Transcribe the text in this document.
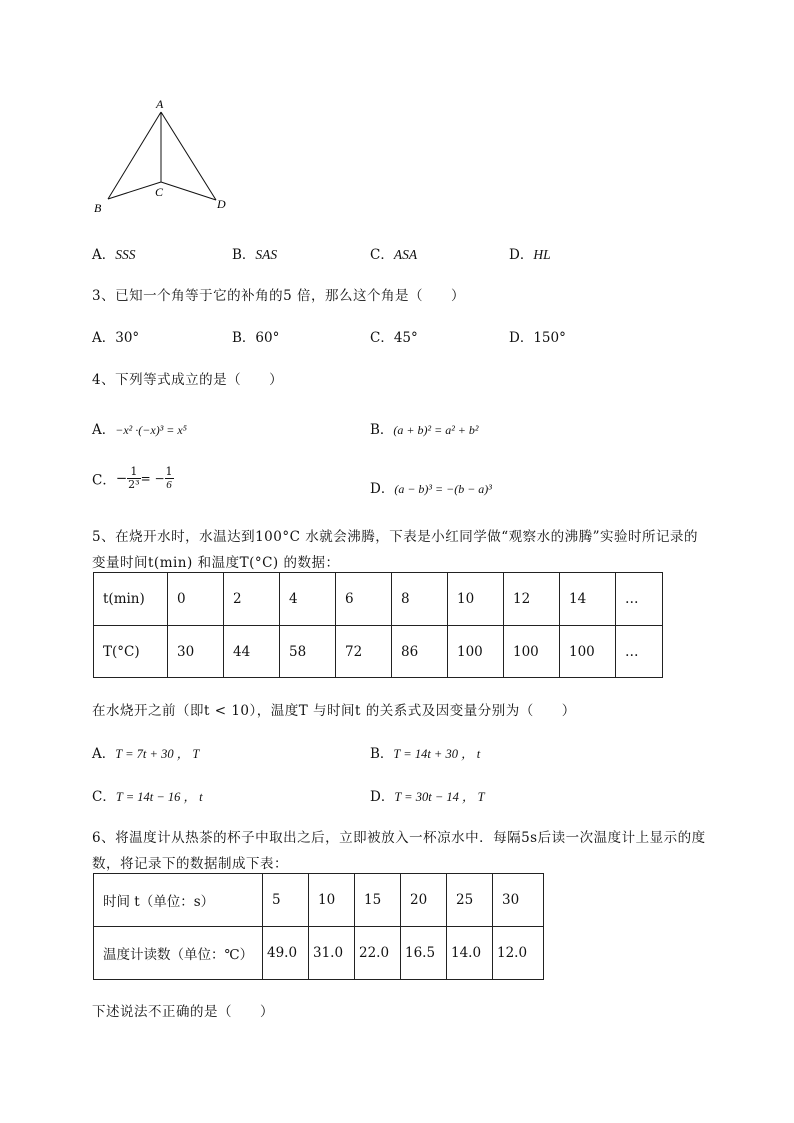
A
B
C
D
A．SSS	B．SAS	C．ASA	D．HL
3、已知一个角等于它的补角的5 倍，那么这个角是（　　）
A．30°	B．60°	C．45°	D．150°
4、下列等式成立的是（　　）
A．−x² ·(−x)³ = x⁵	B．(a + b)² = a² + b²
C．− $\frac{1}{\text{2³}}$ = − $\frac{1}{6}$	D．(a − b)³ = −(b − a)³
5、在烧开水时，水温达到100°C 水就会沸腾，下表是小红同学做“观察水的沸腾”实验时所记录的
变量时间t(min) 和温度T(°C) 的数据：
t(min)	0	2	4	6	8	10	12	14	…
T(°C)	30	44	58	72	86	100	100	100	…
在水烧开之前（即t < 10），温度T 与时间t 的关系式及因变量分别为（　　）
A．T = 7t + 30 ， T	B．T = 14t + 30 ， t
C．T = 14t − 16 ， t	D．T = 30t − 14 ， T
6、将温度计从热茶的杯子中取出之后，立即被放入一杯凉水中．每隔5s后读一次温度计上显示的度
数，将记录下的数据制成下表：
时间 t（单位：s）	5	10	15	20	25	30
温度计读数（单位：℃）	49.0	31.0	22.0	16.5	14.0	12.0
下述说法不正确的是（　　）
